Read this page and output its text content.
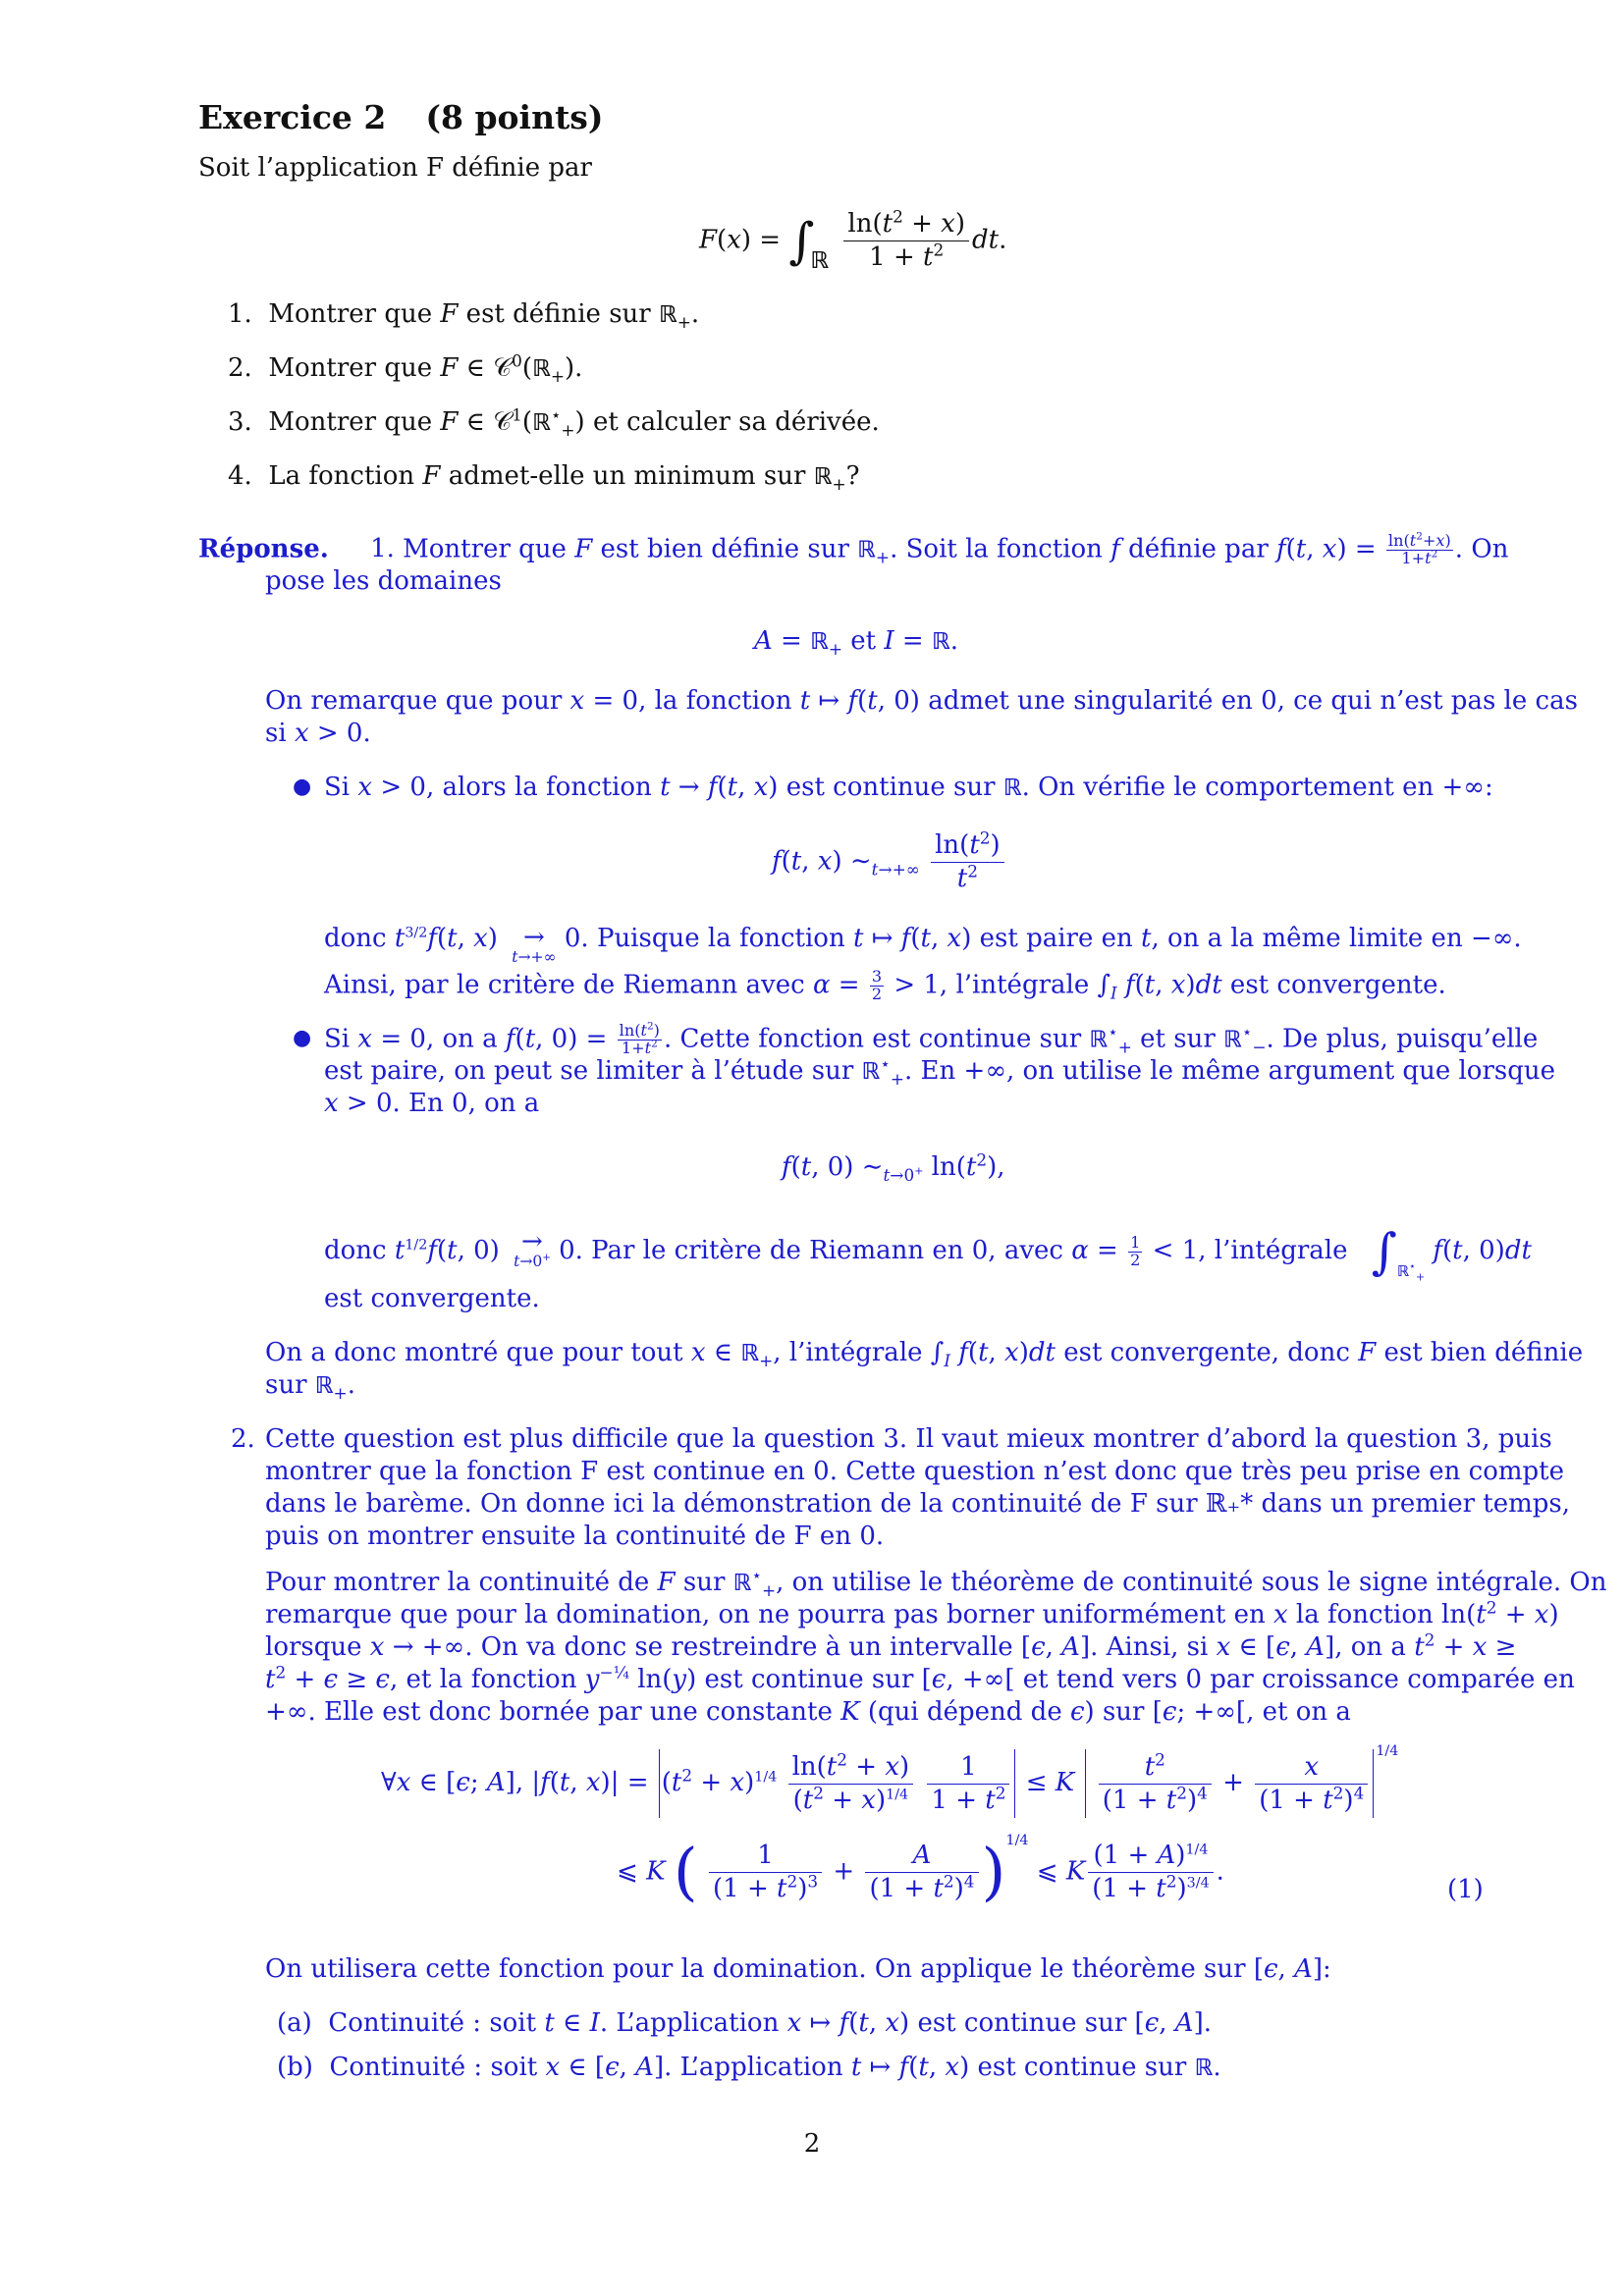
Exercice 2 (8 points)
Soit l’application F définie par
$F(x) = \int_ℝ \frac{\ln(t^2 + x)}{1 + t^2}$ dt.
1. Montrer que F est définie sur ℝ$_+$.
2. Montrer que F ∈ 𝒞$^0$(ℝ$_+$).
3. Montrer que F ∈ 𝒞$^1$(ℝ⋆$_+$) et calculer sa dérivée.
4. La fonction F admet-elle un minimum sur ℝ$_+$?
Réponse. 1. Montrer que F est bien définie sur ℝ$_+$. Soit la fonction f définie par f(t, $x) = \frac{\ln(t^2+x)}{1+t^2}$ . On
pose les domaines
A = ℝ$_+$ et I = ℝ.
On remarque que pour x = 0, la fonction t ↦ f(t, 0) admet une singularité en 0, ce qui n’est pas le cas
si x > 0.
● Si x > 0, alors la fonction t → f(t, x) est continue sur ℝ. On vérifie le comportement en +∞:
f(t, x) $\sim_{t\to+\infty} \frac{\ln(t^2)}{t^2}$
donc $t^{3/2}f(t$, x) →
t→+∞
0. Puisque la fonction t ↦ f(t, x) est paire en t, on a la même limite en −∞.
Ainsi, par le critère de Riemann avec $\alpha = \frac{3}{2} > 1$, l’intégrale $\int_I$ f(t, x)dt est convergente.
● Si x = 0, on a f(t, $0) = \frac{\ln(t^2)}{1+t^2}$ . Cette fonction est continue sur ℝ⋆$_+$ et sur ℝ⋆$_-$. De plus, puisqu’elle
est paire, on peut se limiter à l’étude sur ℝ⋆$_+$. En +∞, on utilise le même argument que lorsque
x > 0. En 0, on a
f(t, 0) $\sim_{t\to 0^+}$ $\ln(t^2)$,
donc $t^{1/2}f(t$, 0) →
t→0+ 0. Par le critère de Riemann en 0, avec $\alpha = \frac{1}{2} < 1$, l’intégrale $\int_{ℝ^⋆_+}$ f(t, 0)dt
est convergente.
On a donc montré que pour tout x ∈ ℝ$_+$, l’intégrale $\int_I$ f(t, x)dt est convergente, donc F est bien définie
sur ℝ$_+$.
2. Cette question est plus difficile que la question 3. Il vaut mieux montrer d’abord la question 3, puis
montrer que la fonction F est continue en 0. Cette question n’est donc que très peu prise en compte
dans le barème. On donne ici la démonstration de la continuité de F sur ℝ₊* dans un premier temps,
puis on montrer ensuite la continuité de F en 0.
Pour montrer la continuité de F sur ℝ⋆$_+$, on utilise le théorème de continuité sous le signe intégrale. On
remarque que pour la domination, on ne pourra pas borner uniformément en x la fonction $\ln(t^2 + x)$
lorsque x → +∞. On va donc se restreindre à un intervalle [ϵ, A]. Ainsi, si x ∈ [ϵ, A], on a $t^2 + x$ ≥
$t^2 + \epsilon \ge \epsilon$, et la fonction $y^{-\frac{1}{4}}$ ln(y) est continue sur [ϵ, +∞[ et tend vers 0 par croissance comparée en
+∞. Elle est donc bornée par une constante K (qui dépend de ϵ) sur [ϵ; +∞[, et on a
∀x ∈ [ϵ; A], |f(t, $x)| = (t^2 + x)^{1/4} \frac{\ln(t^2 + x)}{(t^2 + x)^{1/4}}$
$\frac{1}{1 + t^2} \le K \frac{t^2}{(1 + t^2)^4} + \frac{x}{(1 + t^2)^4} ^{1/4}$
⩽ K ( $\frac{1}{(1 + t^2)^3} + \frac{A}{(1 + t^2)^4} )^{1/4}$ ⩽ K $\frac{(1 + A)^{1/4}}{(1 + t^2)^{3/4}}$ .
(1)
On utilisera cette fonction pour la domination. On applique le théorème sur [ϵ, A]:
(a) Continuité : soit t ∈ I. L’application x ↦ f(t, x) est continue sur [ϵ, A].
(b) Continuité : soit x ∈ [ϵ, A]. L’application t ↦ f(t, x) est continue sur ℝ.
2
